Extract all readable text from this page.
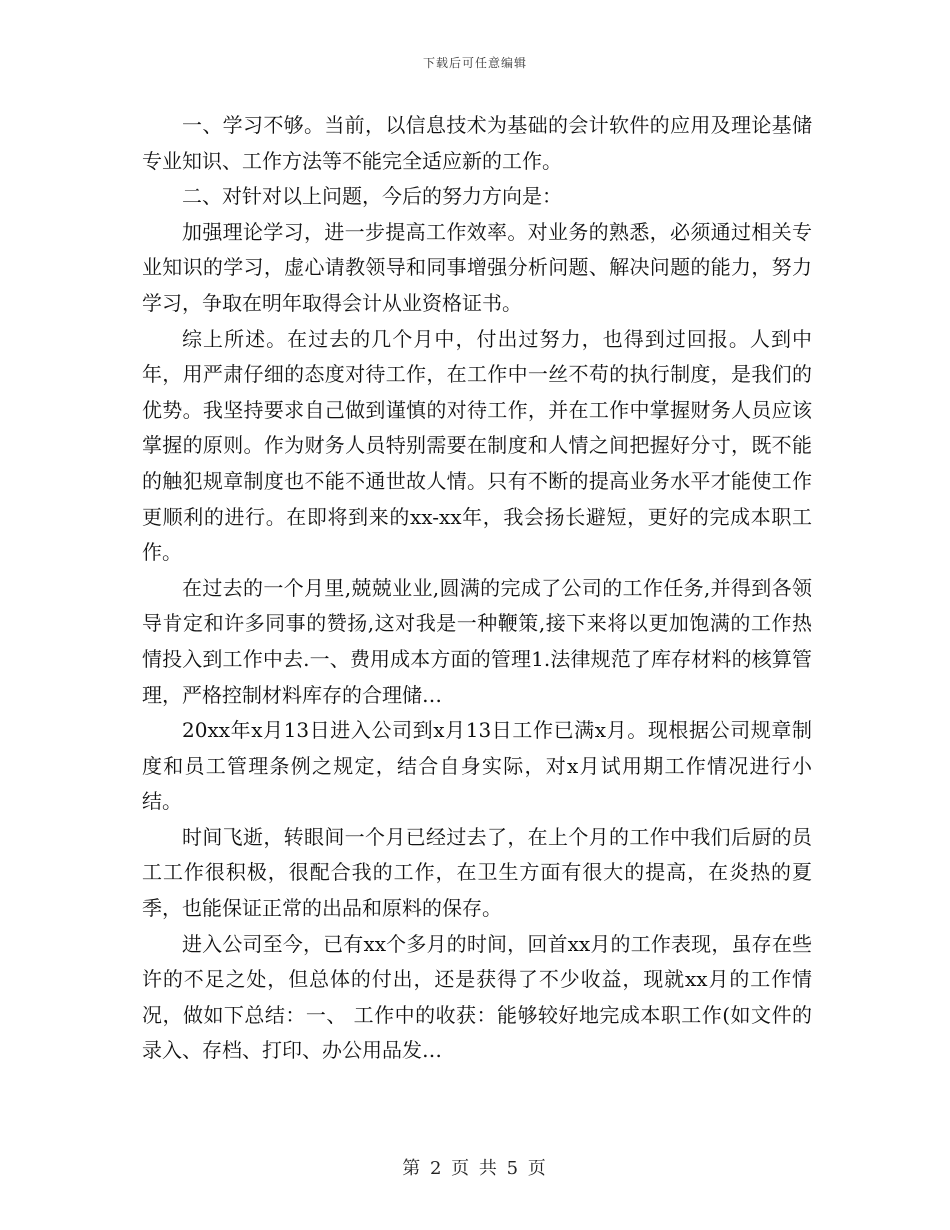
下载后可任意编辑

一、学习不够。当前，以信息技术为基础的会计软件的应用及理论基储专业知识、工作方法等不能完全适应新的工作。

二、对针对以上问题，今后的努力方向是：

加强理论学习，进一步提高工作效率。对业务的熟悉，必须通过相关专业知识的学习，虚心请教领导和同事增强分析问题、解决问题的能力，努力学习，争取在明年取得会计从业资格证书。

综上所述。在过去的几个月中，付出过努力，也得到过回报。人到中年，用严肃仔细的态度对待工作，在工作中一丝不苟的执行制度，是我们的优势。我坚持要求自己做到谨慎的对待工作，并在工作中掌握财务人员应该掌握的原则。作为财务人员特别需要在制度和人情之间把握好分寸，既不能的触犯规章制度也不能不通世故人情。只有不断的提高业务水平才能使工作更顺利的进行。在即将到来的xx-xx年，我会扬长避短，更好的完成本职工作。

在过去的一个月里,兢兢业业,圆满的完成了公司的工作任务,并得到各领导肯定和许多同事的赞扬,这对我是一种鞭策,接下来将以更加饱满的工作热情投入到工作中去.一、费用成本方面的管理1.法律规范了库存材料的核算管理，严格控制材料库存的合理储…

20xx年x月13日进入公司到x月13日工作已满x月。现根据公司规章制度和员工管理条例之规定，结合自身实际，对x月试用期工作情况进行小结。

时间飞逝，转眼间一个月已经过去了，在上个月的工作中我们后厨的员工工作很积极，很配合我的工作，在卫生方面有很大的提高，在炎热的夏季，也能保证正常的出品和原料的保存。

进入公司至今，已有xx个多月的时间，回首xx月的工作表现，虽存在些许的不足之处，但总体的付出，还是获得了不少收益，现就xx月的工作情况，做如下总结：一、 工作中的收获：能够较好地完成本职工作(如文件的录入、存档、打印、办公用品发…

第 2 页 共 5 页
